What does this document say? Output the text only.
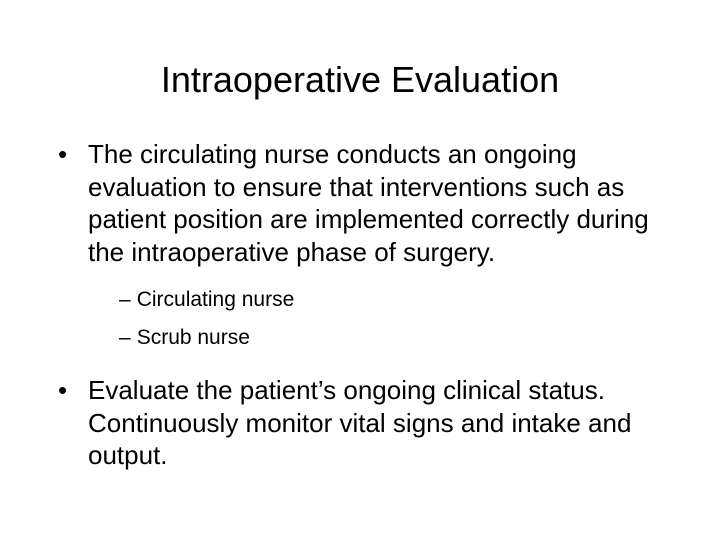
Intraoperative Evaluation
• The circulating nurse conducts an ongoing evaluation to ensure that interventions such as patient position are implemented correctly during the intraoperative phase of surgery.
– Circulating nurse
– Scrub nurse
• Evaluate the patient’s ongoing clinical status. Continuously monitor vital signs and intake and output.
